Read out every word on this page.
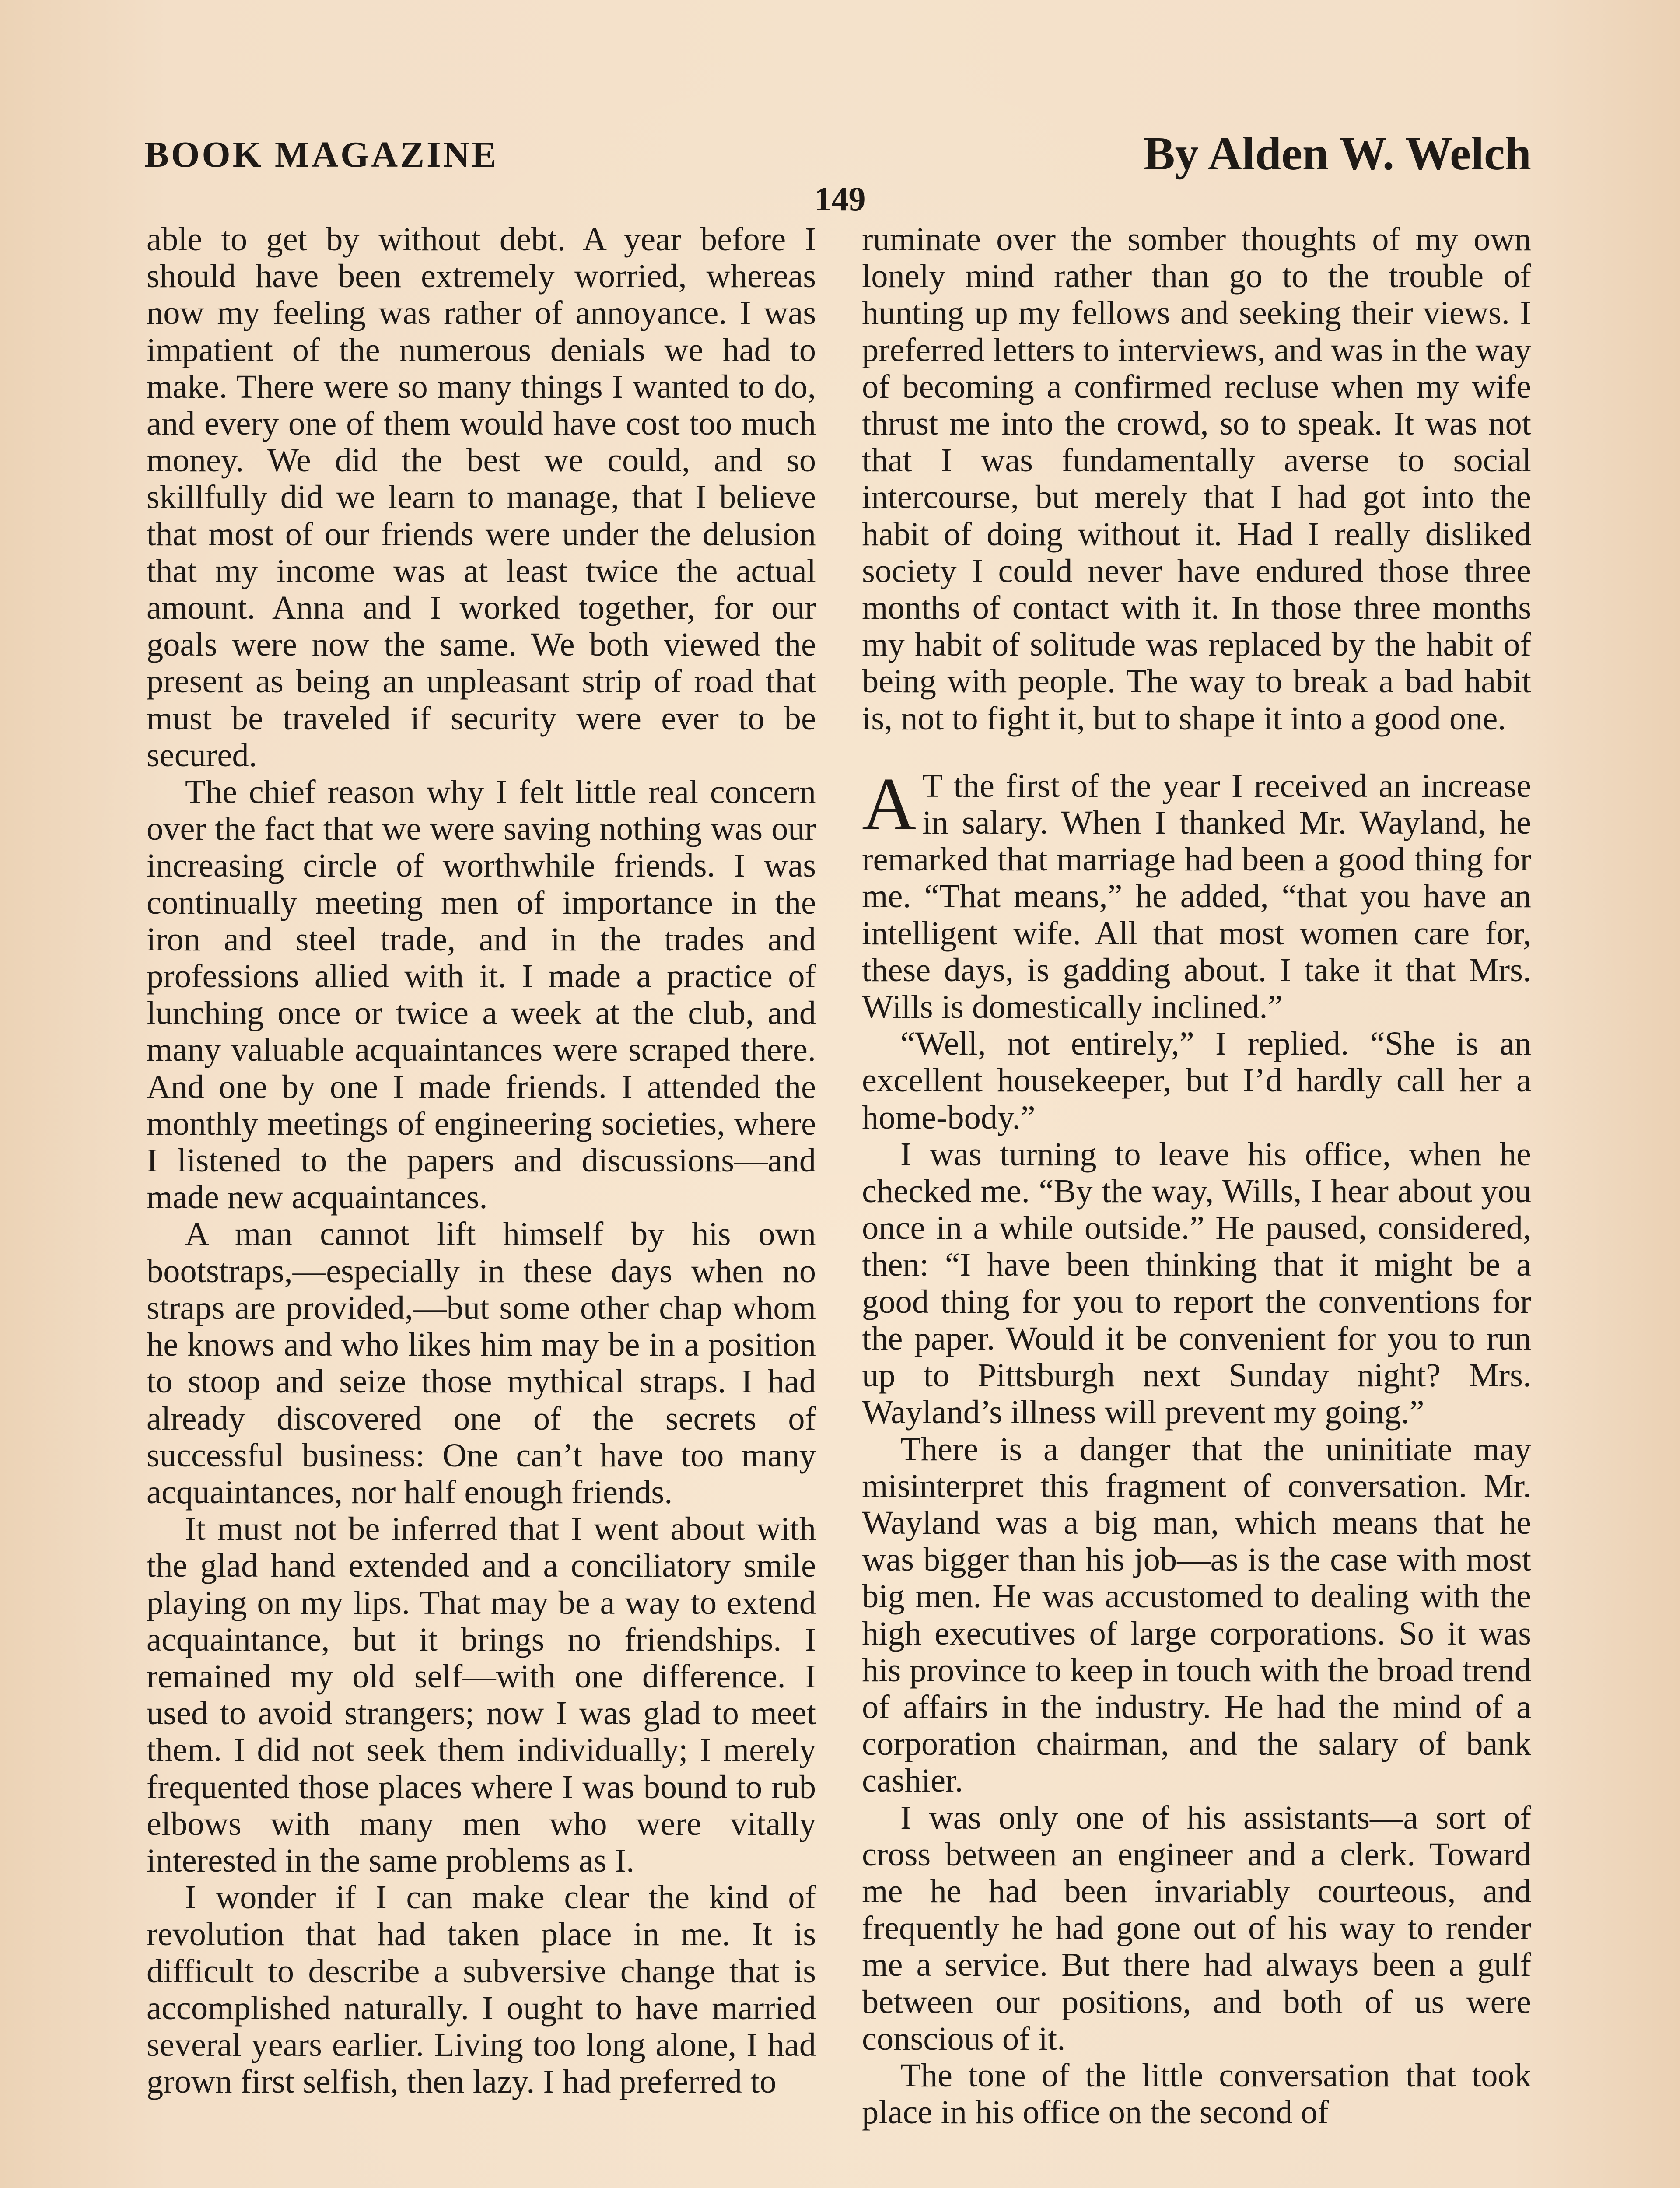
BOOK MAGAZINE	By Alden W. Welch
149

able to get by without debt. A year before I should have been extremely worried, whereas now my feeling was rather of annoyance. I was impatient of the numerous denials we had to make. There were so many things I wanted to do, and every one of them would have cost too much money. We did the best we could, and so skillfully did we learn to manage, that I believe that most of our friends were under the delusion that my income was at least twice the actual amount. Anna and I worked together, for our goals were now the same. We both viewed the present as being an unpleasant strip of road that must be traveled if security were ever to be secured.

The chief reason why I felt little real concern over the fact that we were saving nothing was our increasing circle of worthwhile friends. I was continually meeting men of importance in the iron and steel trade, and in the trades and professions allied with it. I made a practice of lunching once or twice a week at the club, and many valuable acquaintances were scraped there. And one by one I made friends. I attended the monthly meetings of engineering societies, where I listened to the papers and discussions—and made new acquaintances.

A man cannot lift himself by his own bootstraps,—especially in these days when no straps are provided,—but some other chap whom he knows and who likes him may be in a position to stoop and seize those mythical straps. I had already discovered one of the secrets of successful business: One can’t have too many acquaintances, nor half enough friends.

It must not be inferred that I went about with the glad hand extended and a conciliatory smile playing on my lips. That may be a way to extend acquaintance, but it brings no friendships. I remained my old self—with one difference. I used to avoid strangers; now I was glad to meet them. I did not seek them individually; I merely frequented those places where I was bound to rub elbows with many men who were vitally interested in the same problems as I.

I wonder if I can make clear the kind of revolution that had taken place in me. It is difficult to describe a subversive change that is accomplished naturally. I ought to have married several years earlier. Living too long alone, I had grown first selfish, then lazy. I had preferred to

ruminate over the somber thoughts of my own lonely mind rather than go to the trouble of hunting up my fellows and seeking their views. I preferred letters to interviews, and was in the way of becoming a confirmed recluse when my wife thrust me into the crowd, so to speak. It was not that I was fundamentally averse to social intercourse, but merely that I had got into the habit of doing without it. Had I really disliked society I could never have endured those three months of contact with it. In those three months my habit of solitude was replaced by the habit of being with people. The way to break a bad habit is, not to fight it, but to shape it into a good one.

A T the first of the year I received an increase in salary. When I thanked Mr. Wayland, he remarked that marriage had been a good thing for me. “That means,” he added, “that you have an intelligent wife. All that most women care for, these days, is gadding about. I take it that Mrs. Wills is domestically inclined.”

“Well, not entirely,” I replied. “She is an excellent housekeeper, but I’d hardly call her a home-body.”

I was turning to leave his office, when he checked me. “By the way, Wills, I hear about you once in a while outside.” He paused, considered, then: “I have been thinking that it might be a good thing for you to report the conventions for the paper. Would it be convenient for you to run up to Pittsburgh next Sunday night? Mrs. Wayland’s illness will prevent my going.”

There is a danger that the uninitiate may misinterpret this fragment of conversation. Mr. Wayland was a big man, which means that he was bigger than his job—as is the case with most big men. He was accustomed to dealing with the high executives of large corporations. So it was his province to keep in touch with the broad trend of affairs in the industry. He had the mind of a corporation chairman, and the salary of bank cashier.

I was only one of his assistants—a sort of cross between an engineer and a clerk. Toward me he had been invariably courteous, and frequently he had gone out of his way to render me a service. But there had always been a gulf between our positions, and both of us were conscious of it.

The tone of the little conversation that took place in his office on the second of
